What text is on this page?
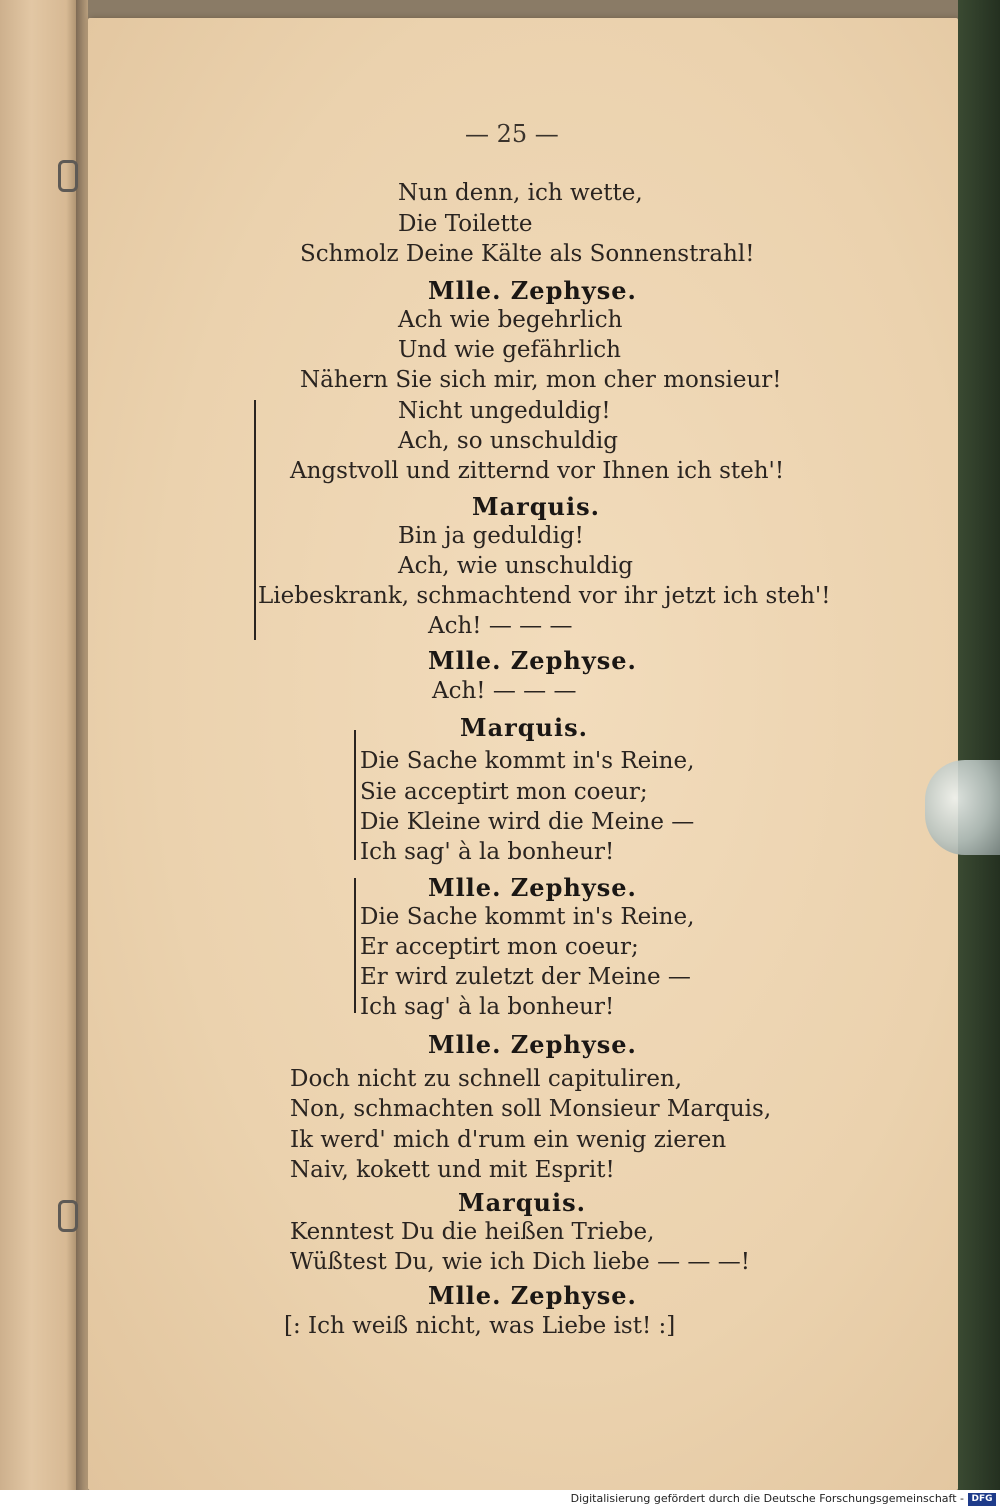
— 25 —
Nun denn, ich wette,
Die Toilette
Schmolz Deine Kälte als Sonnenstrahl!
Mlle. Zephyse.
Ach wie begehrlich
Und wie gefährlich
Nähern Sie sich mir, mon cher monsieur!
Nicht ungeduldig!
Ach, so unschuldig
Angstvoll und zitternd vor Ihnen ich steh'!
Marquis.
Bin ja geduldig!
Ach, wie unschuldig
Liebeskrank, schmachtend vor ihr jetzt ich steh'!
Ach! — — —
Mlle. Zephyse.
Ach! — — —
Marquis.
Die Sache kommt in's Reine,
Sie acceptirt mon coeur;
Die Kleine wird die Meine —
Ich sag' à la bonheur!
Mlle. Zephyse.
Die Sache kommt in's Reine,
Er acceptirt mon coeur;
Er wird zuletzt der Meine —
Ich sag' à la bonheur!
Mlle. Zephyse.
Doch nicht zu schnell capituliren,
Non, schmachten soll Monsieur Marquis,
Ik werd' mich d'rum ein wenig zieren
Naiv, kokett und mit Esprit!
Marquis.
Kenntest Du die heißen Triebe,
Wüßtest Du, wie ich Dich liebe — — —!
Mlle. Zephyse.
[: Ich weiß nicht, was Liebe ist! :]
Digitalisierung gefördert durch die Deutsche Forschungsgemeinschaft - DFG
